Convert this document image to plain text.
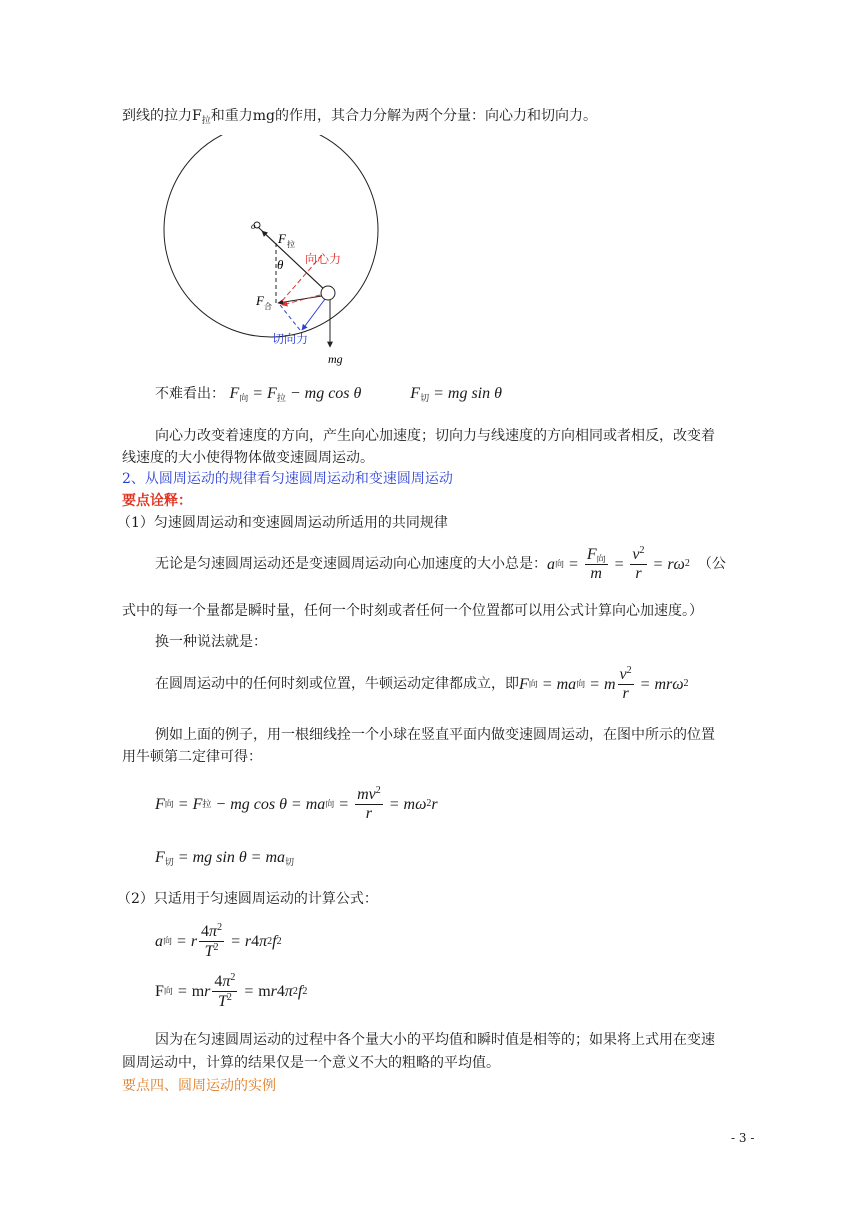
到线的拉力$F_拉$和重力mg的作用，其合力分解为两个分量：向心力和切向力。
o
F 拉
θ 向心力
F 合
切向力
mg
不难看出： $F_向 = F_拉$ − mg cos θ	$F_切$ = mg sin θ
向心力改变着速度的方向，产生向心加速度；切向力与线速度的方向相同或者相反，改变着
线速度的大小使得物体做变速圆周运动。
2、从圆周运动的规律看匀速圆周运动和变速圆周运动
要点诠释：
（1）匀速圆周运动和变速圆周运动所适用的共同规律
无论是匀速圆周运动还是变速圆周运动向心加速度的大小总是： a 向 = $\frac{F_向}{m} = \frac{v^2}{r} = r\omega$ 2 （公
式中的每一个量都是瞬时量，任何一个时刻或者任何一个位置都可以用公式计算向心加速度。）
换一种说法就是：
在圆周运动中的任何时刻或位置，牛顿运动定律都成立，即 F 向 = ma 向 = m $\frac{v^2}{r} = mr\omega$ 2
例如上面的例子，用一根细线拴一个小球在竖直平面内做变速圆周运动，在图中所示的位置
用牛顿第二定律可得：
F 向 = F 拉 − mg cos θ = ma 向 = $\frac{mv^2}{r} = m\omega$ 2 r
$F_切$ = mg $\sin \theta = ma_切$
（2）只适用于匀速圆周运动的计算公式：
a 向 = r $\frac{4\pi^2}{T^2} = r$ 4 π 2 f 2
F 向 = m r $\frac{4\pi^2}{T^2} = m$ r 4 π 2 f 2
因为在匀速圆周运动的过程中各个量大小的平均值和瞬时值是相等的；如果将上式用在变速
圆周运动中，计算的结果仅是一个意义不大的粗略的平均值。
要点四、圆周运动的实例
- 3 -
